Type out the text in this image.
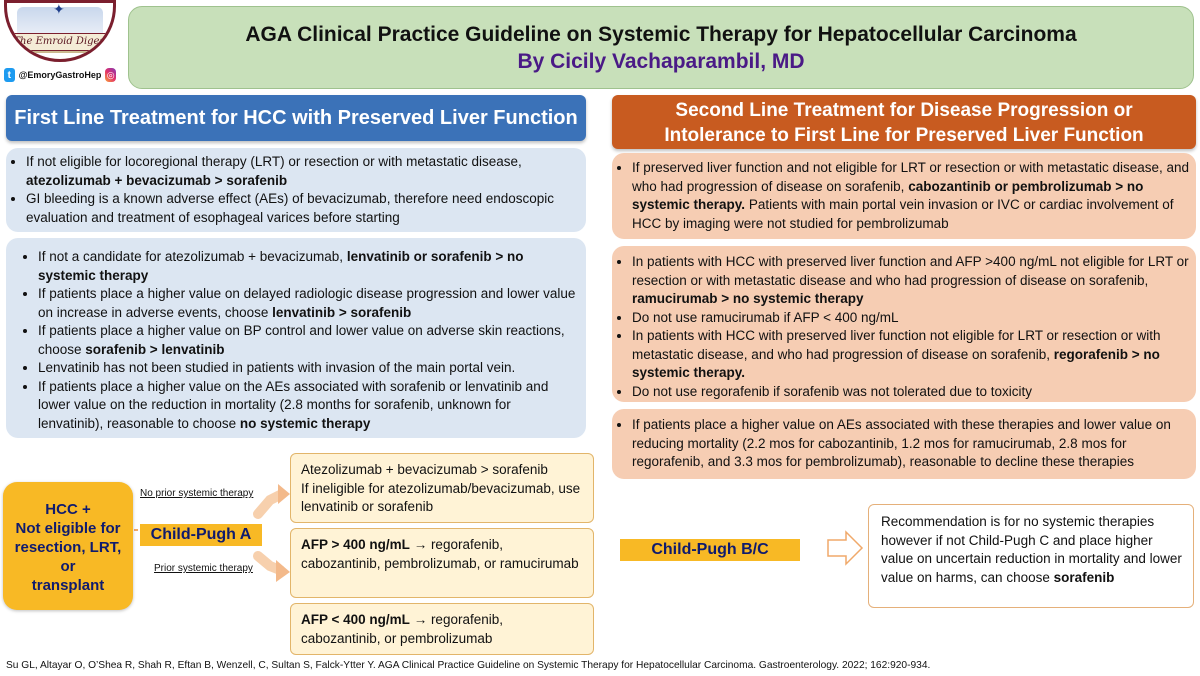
✦
The Emroid Digest
t @EmoryGastroHep ◎
AGA Clinical Practice Guideline on Systemic Therapy for Hepatocellular Carcinoma
By Cicily Vachaparambil, MD
First Line Treatment for HCC with Preserved Liver Function
• If not eligible for locoregional therapy (LRT) or resection or with metastatic disease, atezolizumab + bevacizumab > sorafenib
• GI bleeding is a known adverse effect (AEs) of bevacizumab, therefore need endoscopic evaluation and treatment of esophageal varices before starting
• If not a candidate for atezolizumab + bevacizumab, lenvatinib or sorafenib > no systemic therapy
• If patients place a higher value on delayed radiologic disease progression and lower value on increase in adverse events, choose lenvatinib > sorafenib
• If patients place a higher value on BP control and lower value on adverse skin reactions, choose sorafenib > lenvatinib
• Lenvatinib has not been studied in patients with invasion of the main portal vein.
• If patients place a higher value on the AEs associated with sorafenib or lenvatinib and lower value on the reduction in mortality (2.8 months for sorafenib, unknown for lenvatinib), reasonable to choose no systemic therapy
Second Line Treatment for Disease Progression or
Intolerance to First Line for Preserved Liver Function
• If preserved liver function and not eligible for LRT or resection or with metastatic disease, and who had progression of disease on sorafenib, cabozantinib or pembrolizumab > no systemic therapy. Patients with main portal vein invasion or IVC or cardiac involvement of HCC by imaging were not studied for pembrolizumab
• In patients with HCC with preserved liver function and AFP >400 ng/mL not eligible for LRT or resection or with metastatic disease and who had progression of disease on sorafenib, ramucirumab > no systemic therapy
• Do not use ramucirumab if AFP < 400 ng/mL
• In patients with HCC with preserved liver function not eligible for LRT or resection or with metastatic disease, and who had progression of disease on sorafenib, regorafenib > no systemic therapy.
• Do not use regorafenib if sorafenib was not tolerated due to toxicity
• If patients place a higher value on AEs associated with these therapies and lower value on reducing mortality (2.2 mos for cabozantinib, 1.2 mos for ramucirumab, 2.8 mos for regorafenib, and 3.3 mos for pembrolizumab), reasonable to decline these therapies
HCC +
Not eligible for
resection, LRT,
or
transplant
No prior systemic therapy
Child-Pugh A
Prior systemic therapy
Atezolizumab + bevacizumab > sorafenib
If ineligible for atezolizumab/bevacizumab, use lenvatinib or sorafenib
AFP > 400 ng/mL → regorafenib, cabozantinib, pembrolizumab, or ramucirumab
AFP < 400 ng/mL → regorafenib, cabozantinib, or pembrolizumab
Child-Pugh B/C
Recommendation is for no systemic therapies however if not Child-Pugh C and place higher value on uncertain reduction in mortality and lower value on harms, can choose sorafenib
Su GL, Altayar O, O’Shea R, Shah R, Eftan B, Wenzell, C, Sultan S, Falck-Ytter Y. AGA Clinical Practice Guideline on Systemic Therapy for Hepatocellular Carcinoma. Gastroenterology. 2022; 162:920-934.
